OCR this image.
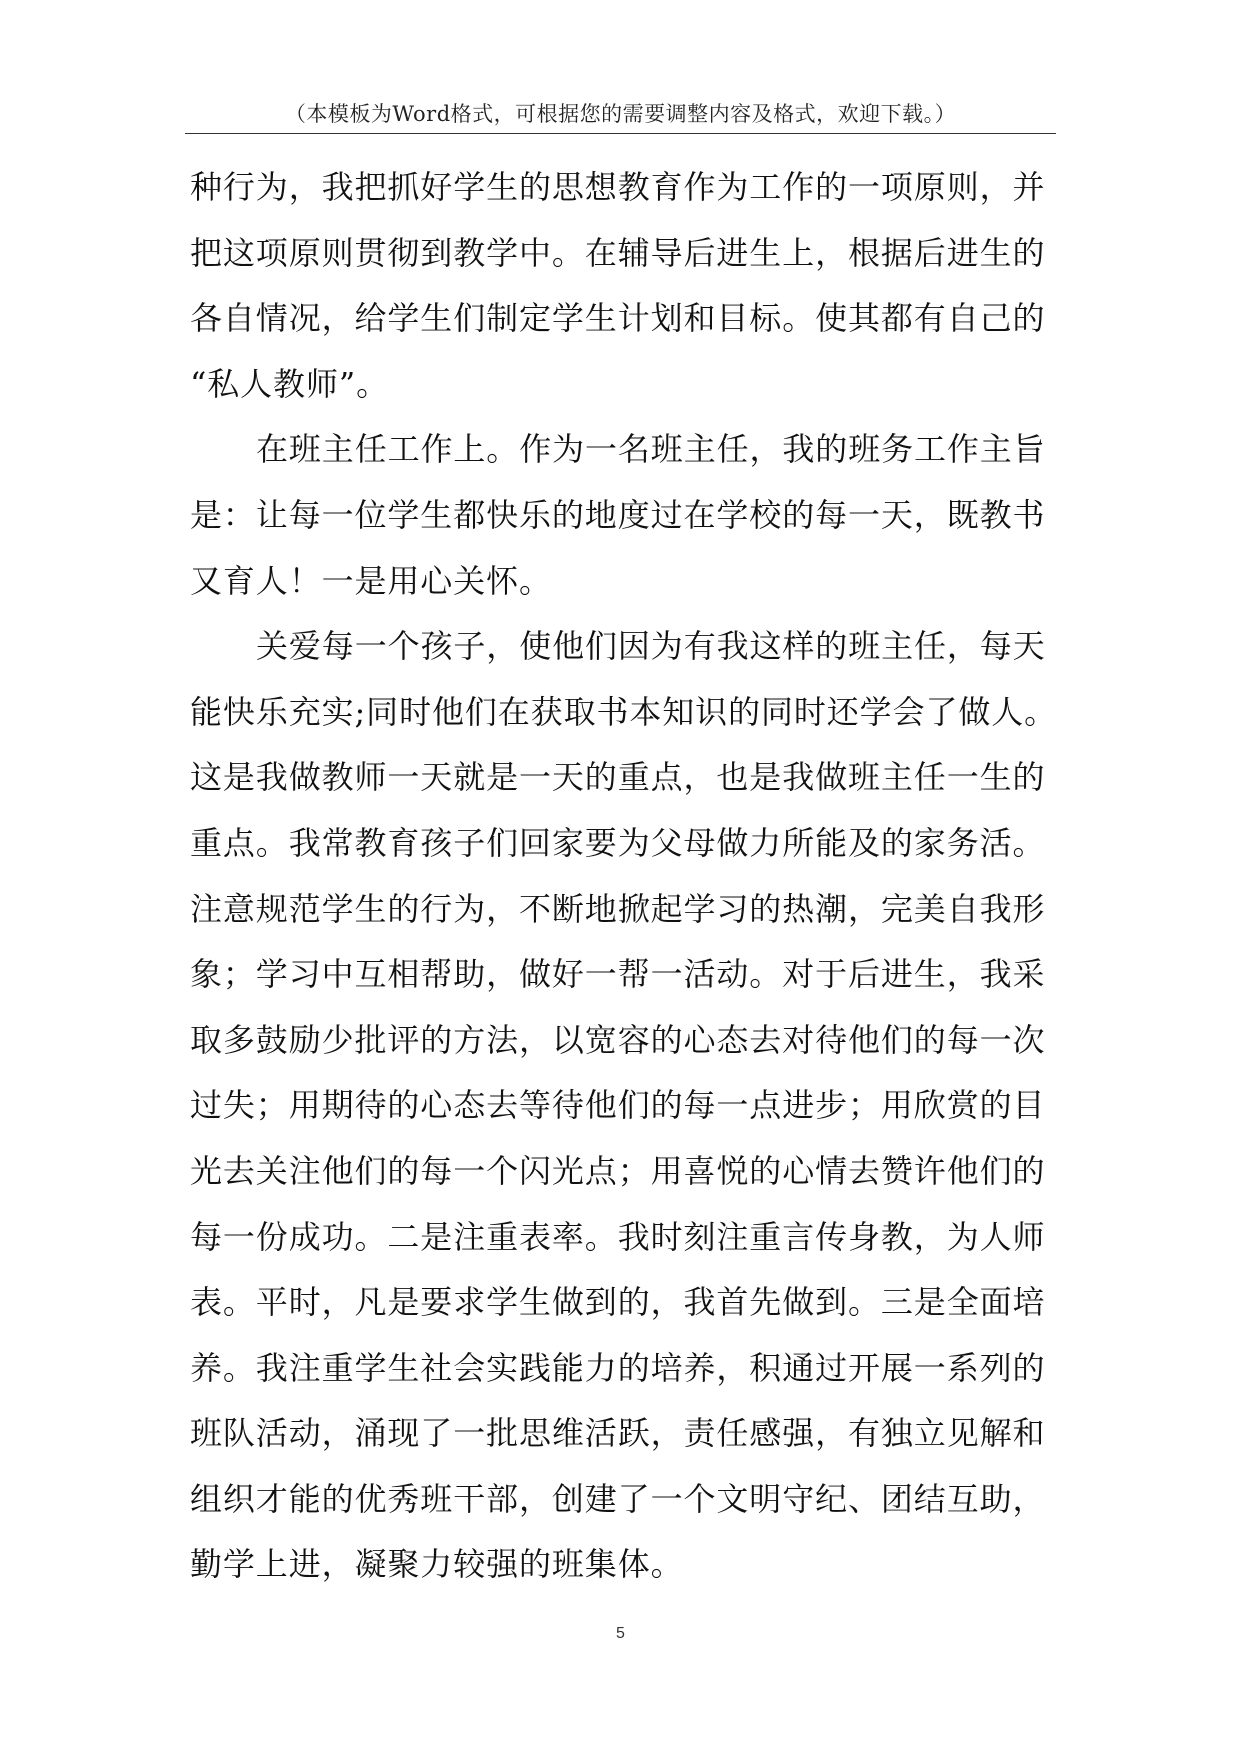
（本模板为Word格式，可根据您的需要调整内容及格式，欢迎下载。）
种行为，我把抓好学生的思想教育作为工作的一项原则，并
把这项原则贯彻到教学中。在辅导后进生上，根据后进生的
各自情况，给学生们制定学生计划和目标。使其都有自己的
“私人教师”。
在班主任工作上。作为一名班主任，我的班务工作主旨
是：让每一位学生都快乐的地度过在学校的每一天，既教书
又育人！一是用心关怀。
关爱每一个孩子，使他们因为有我这样的班主任，每天
能快乐充实;同时他们在获取书本知识的同时还学会了做人。
这是我做教师一天就是一天的重点，也是我做班主任一生的
重点。我常教育孩子们回家要为父母做力所能及的家务活。
注意规范学生的行为，不断地掀起学习的热潮，完美自我形
象；学习中互相帮助，做好一帮一活动。对于后进生，我采
取多鼓励少批评的方法，以宽容的心态去对待他们的每一次
过失；用期待的心态去等待他们的每一点进步；用欣赏的目
光去关注他们的每一个闪光点；用喜悦的心情去赞许他们的
每一份成功。二是注重表率。我时刻注重言传身教，为人师
表。平时，凡是要求学生做到的，我首先做到。三是全面培
养。我注重学生社会实践能力的培养，积通过开展一系列的
班队活动，涌现了一批思维活跃，责任感强，有独立见解和
组织才能的优秀班干部，创建了一个文明守纪、团结互助，
勤学上进，凝聚力较强的班集体。
5
